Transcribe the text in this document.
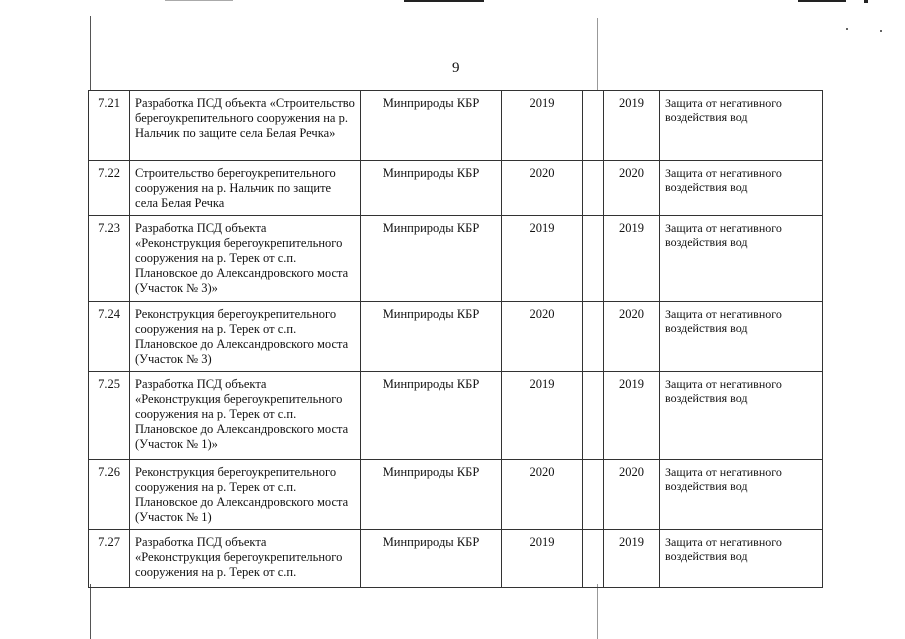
9
7.21	Разработка ПСД объекта «Строительство берегоукрепительного сооружения на р. Нальчик по защите села Белая Речка»	Минприроды КБР	2019		2019	Защита от негативного воздействия вод
7.22	Строительство берегоукрепительного сооружения на р. Нальчик по защите села Белая Речка	Минприроды КБР	2020		2020	Защита от негативного воздействия вод
7.23	Разработка ПСД объекта «Реконструкция берегоукрепительного сооружения на р. Терек от с.п. Плановское до Александровского моста (Участок № 3)»	Минприроды КБР	2019		2019	Защита от негативного воздействия вод
7.24	Реконструкция берегоукрепительного сооружения на р. Терек от с.п. Плановское до Александровского моста (Участок № 3)	Минприроды КБР	2020		2020	Защита от негативного воздействия вод
7.25	Разработка ПСД объекта «Реконструкция берегоукрепительного сооружения на р. Терек от с.п. Плановское до Александровского моста (Участок № 1)»	Минприроды КБР	2019		2019	Защита от негативного воздействия вод
7.26	Реконструкция берегоукрепительного сооружения на р. Терек от с.п. Плановское до Александровского моста (Участок № 1)	Минприроды КБР	2020		2020	Защита от негативного воздействия вод
7.27	Разработка ПСД объекта «Реконструкция берегоукрепительного сооружения на р. Терек от с.п.	Минприроды КБР	2019		2019	Защита от негативного воздействия вод
